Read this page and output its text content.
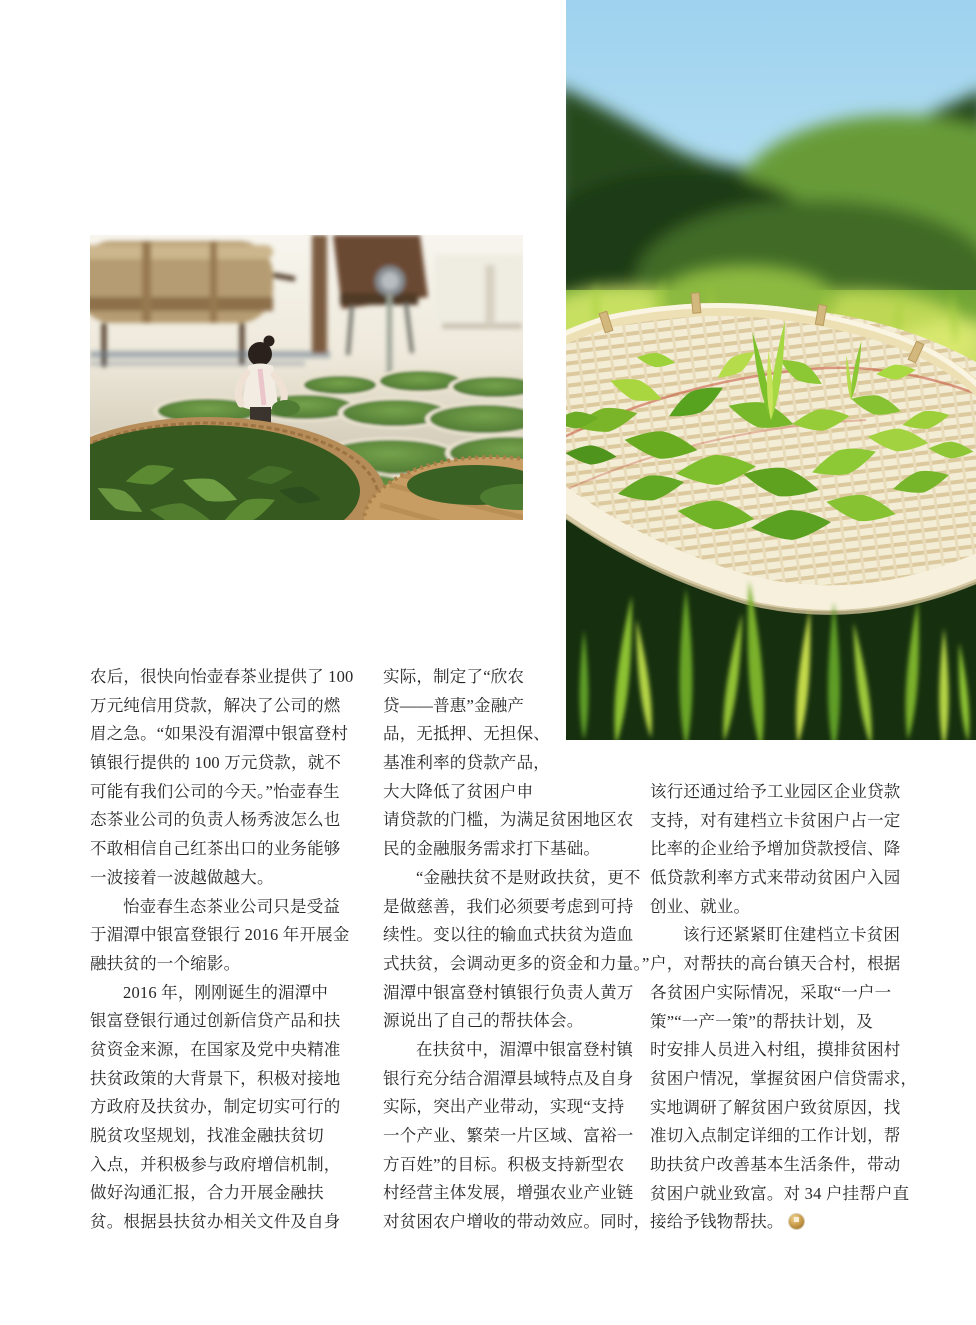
农后，很快向怡壶春茶业提供了 100
万元纯信用贷款，解决了公司的燃
眉之急。“如果没有湄潭中银富登村
镇银行提供的 100 万元贷款，就不
可能有我们公司的今天。”怡壶春生
态茶业公司的负责人杨秀波怎么也
不敢相信自己红茶出口的业务能够
一波接着一波越做越大。
怡壶春生态茶业公司只是受益
于湄潭中银富登银行 2016 年开展金
融扶贫的一个缩影。
2016 年，刚刚诞生的湄潭中
银富登银行通过创新信贷产品和扶
贫资金来源，在国家及党中央精准
扶贫政策的大背景下，积极对接地
方政府及扶贫办，制定切实可行的
脱贫攻坚规划，找准金融扶贫切
入点，并积极参与政府增信机制，
做好沟通汇报，合力开展金融扶
贫。根据县扶贫办相关文件及自身
实际，制定了“欣农
贷——普惠”金融产
品，无抵押、无担保、
基准利率的贷款产品，
大大降低了贫困户申
请贷款的门槛，为满足贫困地区农
民的金融服务需求打下基础。
“金融扶贫不是财政扶贫，更不
是做慈善，我们必须要考虑到可持
续性。变以往的输血式扶贫为造血
式扶贫，会调动更多的资金和力量。”
湄潭中银富登村镇银行负责人黄万
源说出了自己的帮扶体会。
在扶贫中，湄潭中银富登村镇
银行充分结合湄潭县域特点及自身
实际，突出产业带动，实现“支持
一个产业、繁荣一片区域、富裕一
方百姓”的目标。积极支持新型农
村经营主体发展，增强农业产业链
对贫困农户增收的带动效应。同时，
该行还通过给予工业园区企业贷款
支持，对有建档立卡贫困户占一定
比率的企业给予增加贷款授信、降
低贷款利率方式来带动贫困户入园
创业、就业。
该行还紧紧盯住建档立卡贫困
户，对帮扶的高台镇天合村，根据
各贫困户实际情况，采取“一户一
策”“一产一策”的帮扶计划，及
时安排人员进入村组，摸排贫困村
贫困户情况，掌握贫困户信贷需求，
实地调研了解贫困户致贫原因，找
准切入点制定详细的工作计划，帮
助扶贫户改善基本生活条件，带动
贫困户就业致富。对 34 户挂帮户直
接给予钱物帮扶。
